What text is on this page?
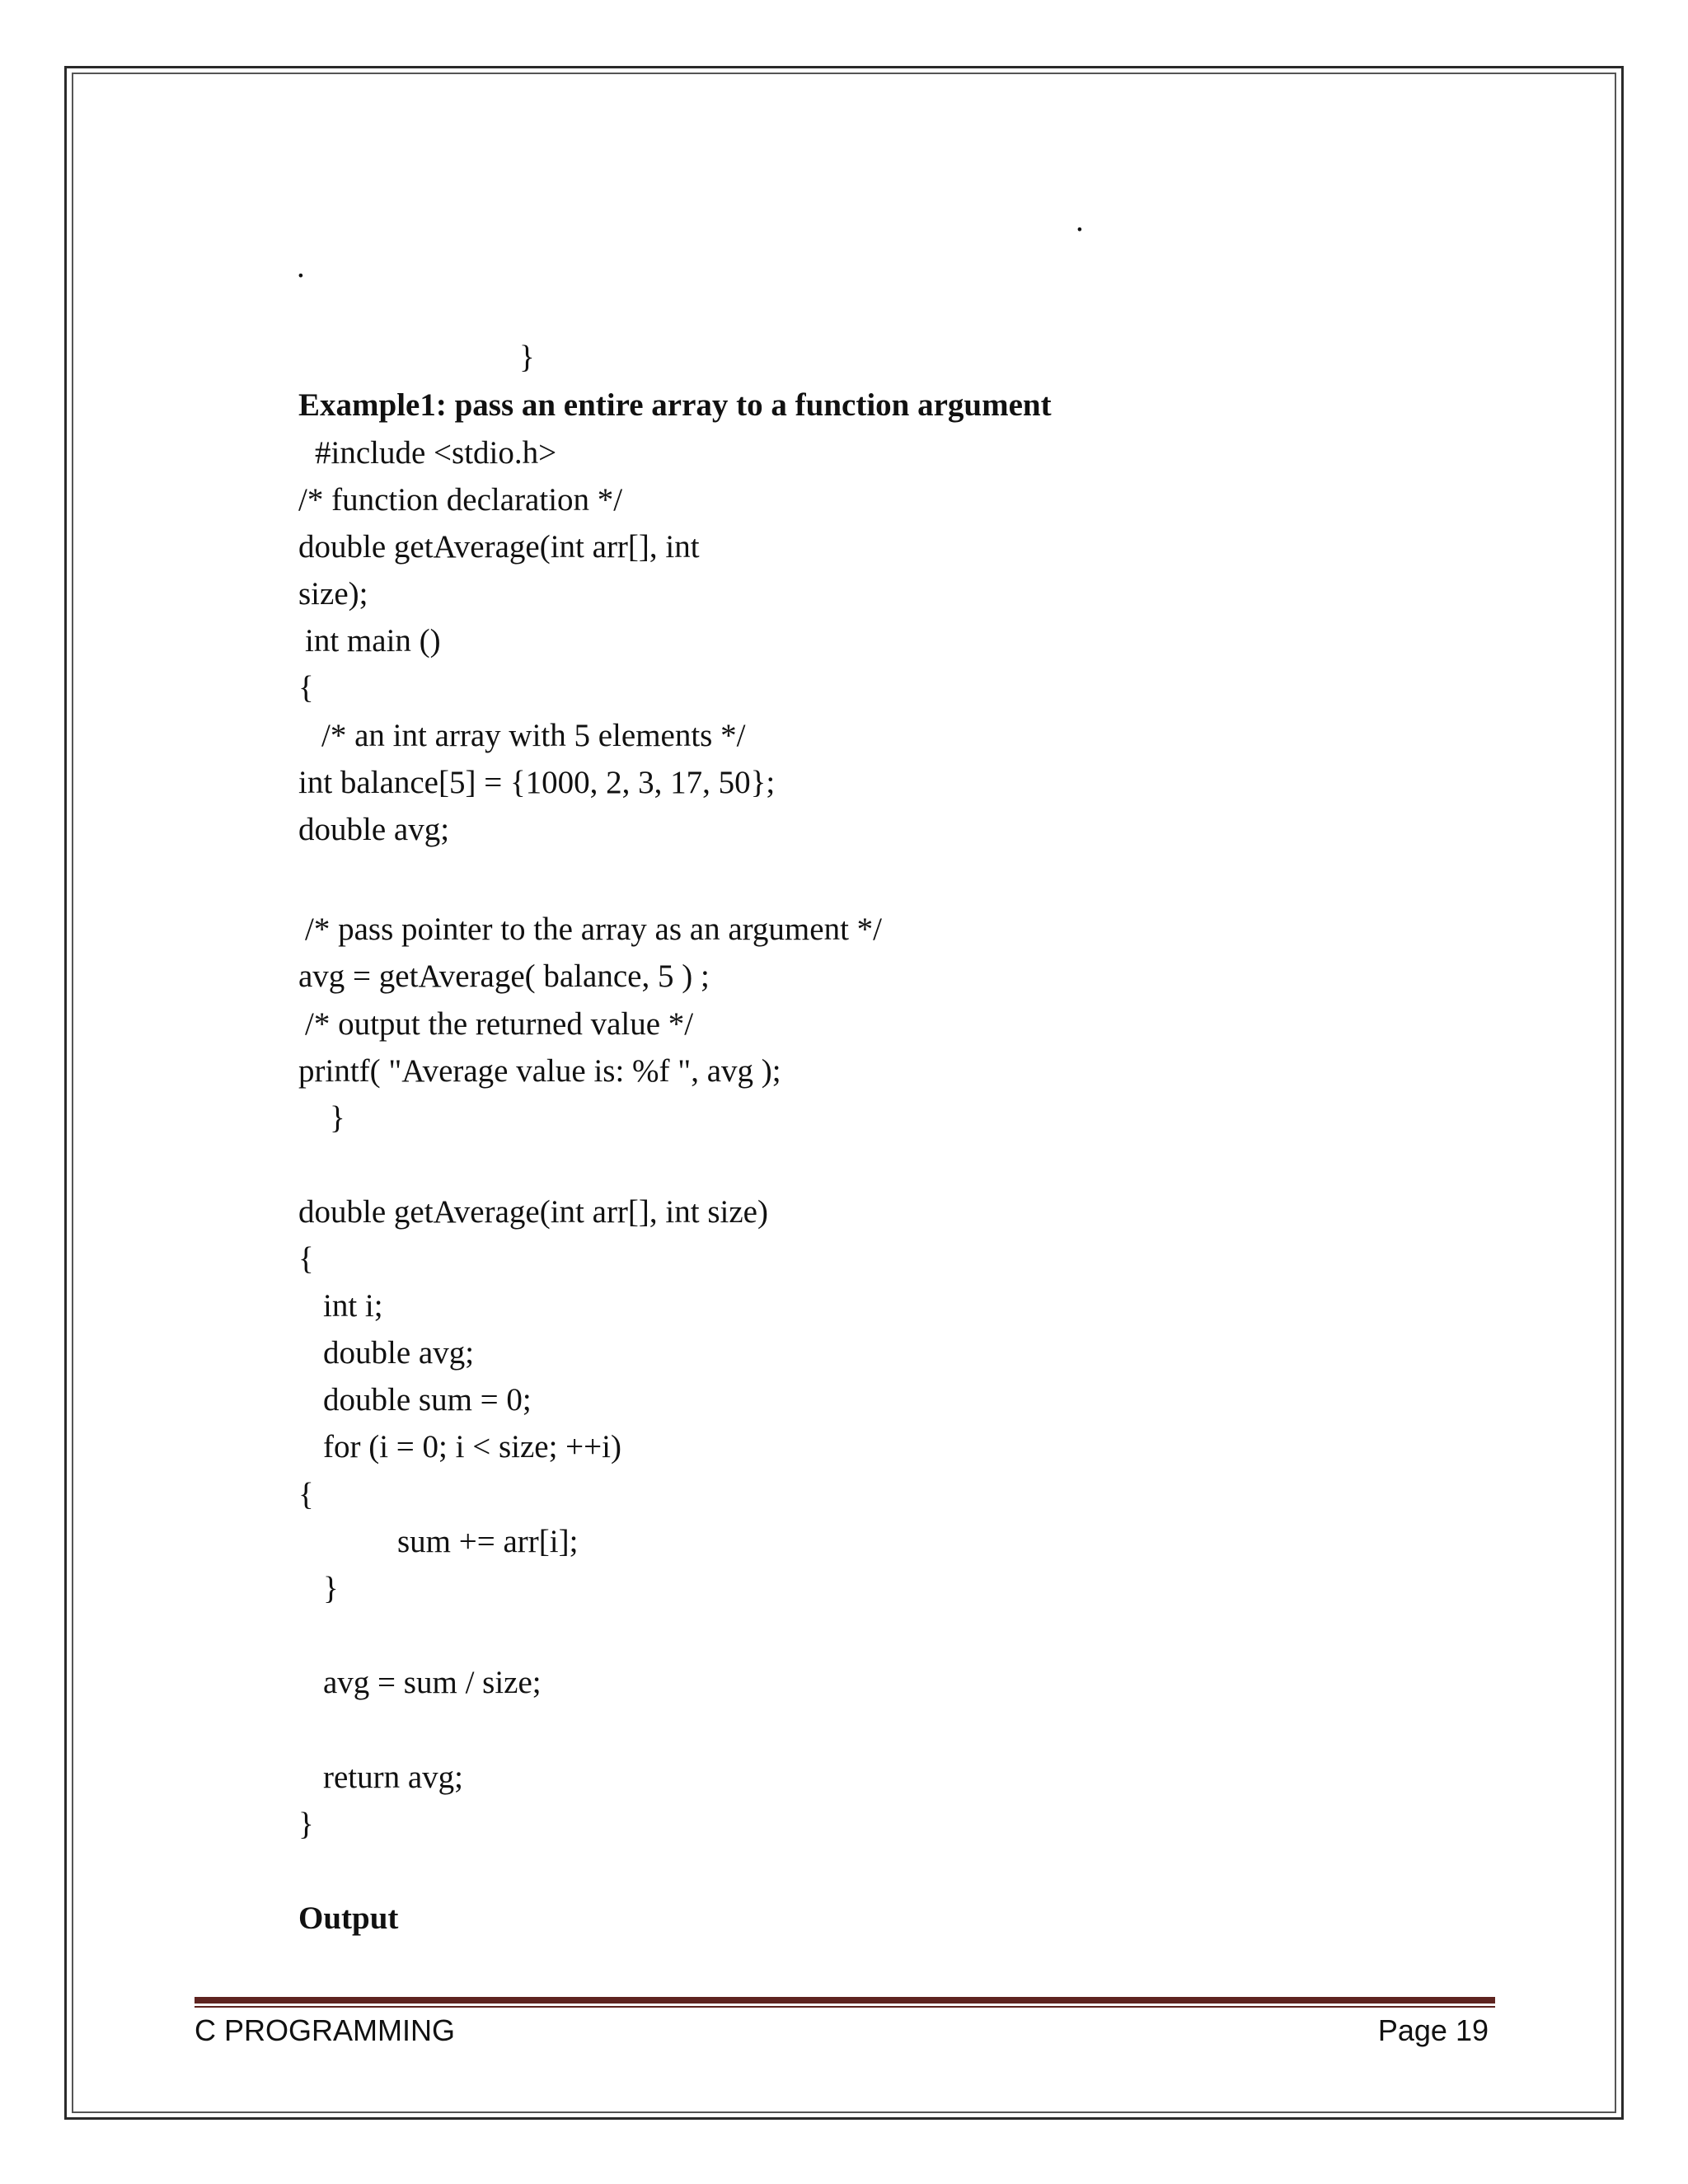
.
.
}
Example1: pass an entire array to a function argument
#include <stdio.h>
/* function declaration */
double getAverage(int arr[], int
size);
int main ()
{
/* an int array with 5 elements */
int balance[5] = {1000, 2, 3, 17, 50};
double avg;
/* pass pointer to the array as an argument */
avg = getAverage( balance, 5 ) ;
/* output the returned value */
printf( "Average value is: %f ", avg );
}
double getAverage(int arr[], int size)
{
int i;
double avg;
double sum = 0;
for (i = 0; i < size; ++i)
{
sum += arr[i];
}
avg = sum / size;
return avg;
}
Output
C PROGRAMMING	Page 19
